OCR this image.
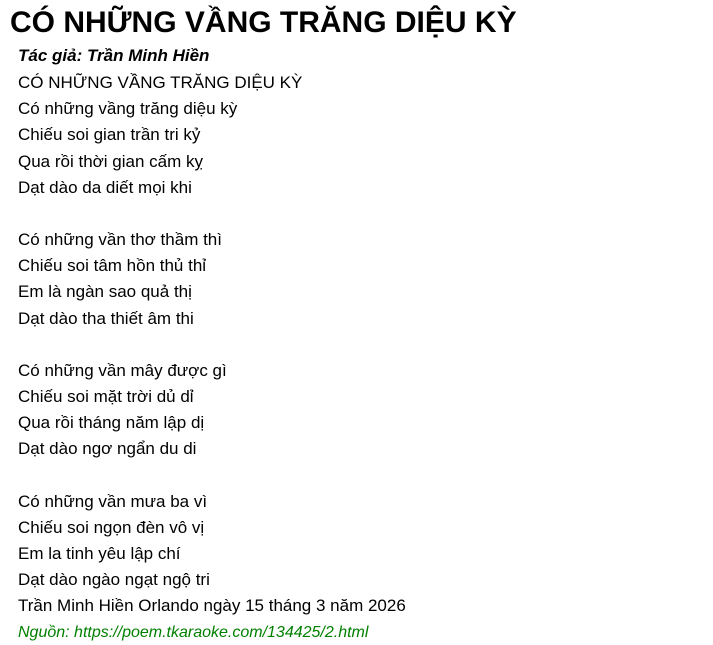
CÓ NHỮNG VẦNG TRĂNG DIỆU KỲ
Tác giả: Trần Minh Hiền
CÓ NHỮNG VẦNG TRĂNG DIỆU KỲ
Có những vầng trăng diệu kỳ
Chiếu soi gian trần tri kỷ
Qua rồi thời gian cấm kỵ
Dạt dào da diết mọi khi
Có những vần thơ thầm thì
Chiếu soi tâm hồn thủ thỉ
Em là ngàn sao quả thị
Dạt dào tha thiết âm thi
Có những vần mây được gì
Chiếu soi mặt trời dủ dỉ
Qua rồi tháng năm lập dị
Dạt dào ngơ ngẩn du di
Có những vần mưa ba vì
Chiếu soi ngọn đèn vô vị
Em la tinh yêu lập chí
Dạt dào ngào ngạt ngộ tri
Trần Minh Hiền Orlando ngày 15 tháng 3 năm 2026
Nguồn: https://poem.tkaraoke.com/134425/2.html
